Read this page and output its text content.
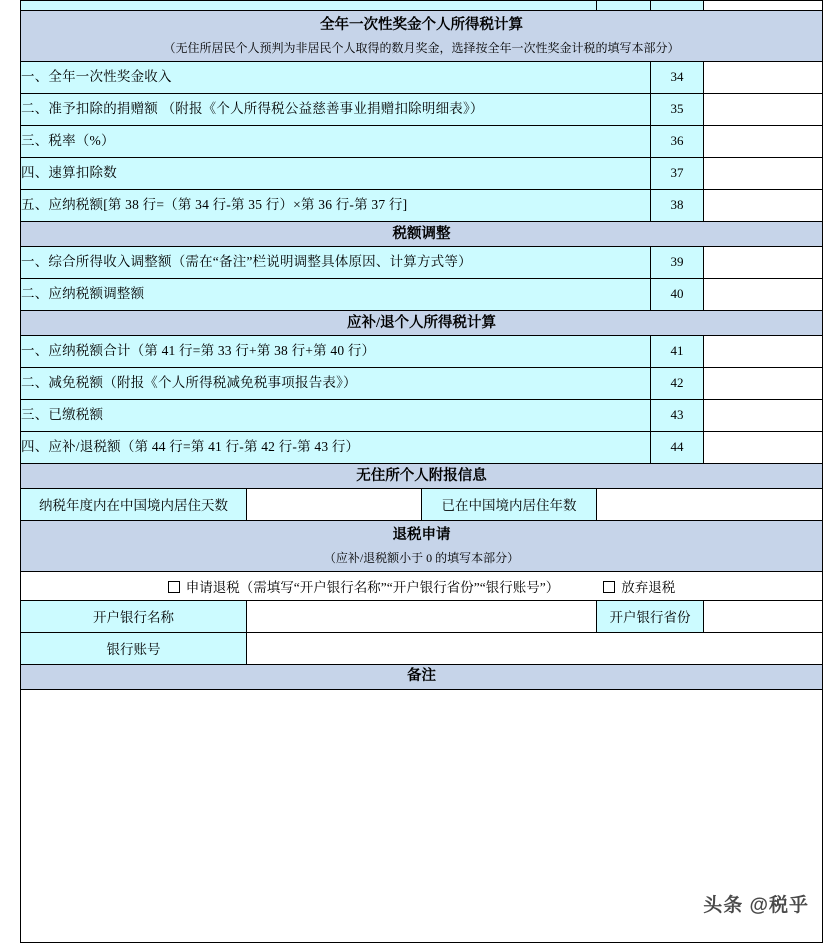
全年一次性奖金个人所得税计算
（无住所居民个人预判为非居民个人取得的数月奖金，选择按全年一次性奖金计税的填写本部分）					

一、全年一次性奖金收入				34	
二、准予扣除的捐赠额 （附报《个人所得税公益慈善事业捐赠扣除明细表》）				35	
三、税率（%）				36	
四、速算扣除数				37	
五、应纳税额[第 38 行=（第 34 行-第 35 行）×第 36 行-第 37 行]				38	
税额调整					
一、综合所得收入调整额（需在“备注”栏说明调整具体原因、计算方式等）				39	
二、应纳税额调整额				40	
应补/退个人所得税计算					
一、应纳税额合计（第 41 行=第 33 行+第 38 行+第 40 行）				41	
二、减免税额（附报《个人所得税减免税事项报告表》）				42	
三、已缴税额				43	
四、应补/退税额（第 44 行=第 41 行-第 42 行-第 43 行）				44	
无住所个人附报信息					
纳税年度内在中国境内居住天数		已在中国境内居住年数			

退税申请
（应补/退税额小于 0 的填写本部分）					

申请退税（需填写“开户银行名称”“开户银行省份”“银行账号”） 放弃退税					
开户银行名称			开户银行省份		
银行账号					
备注					

头条 @税乎
